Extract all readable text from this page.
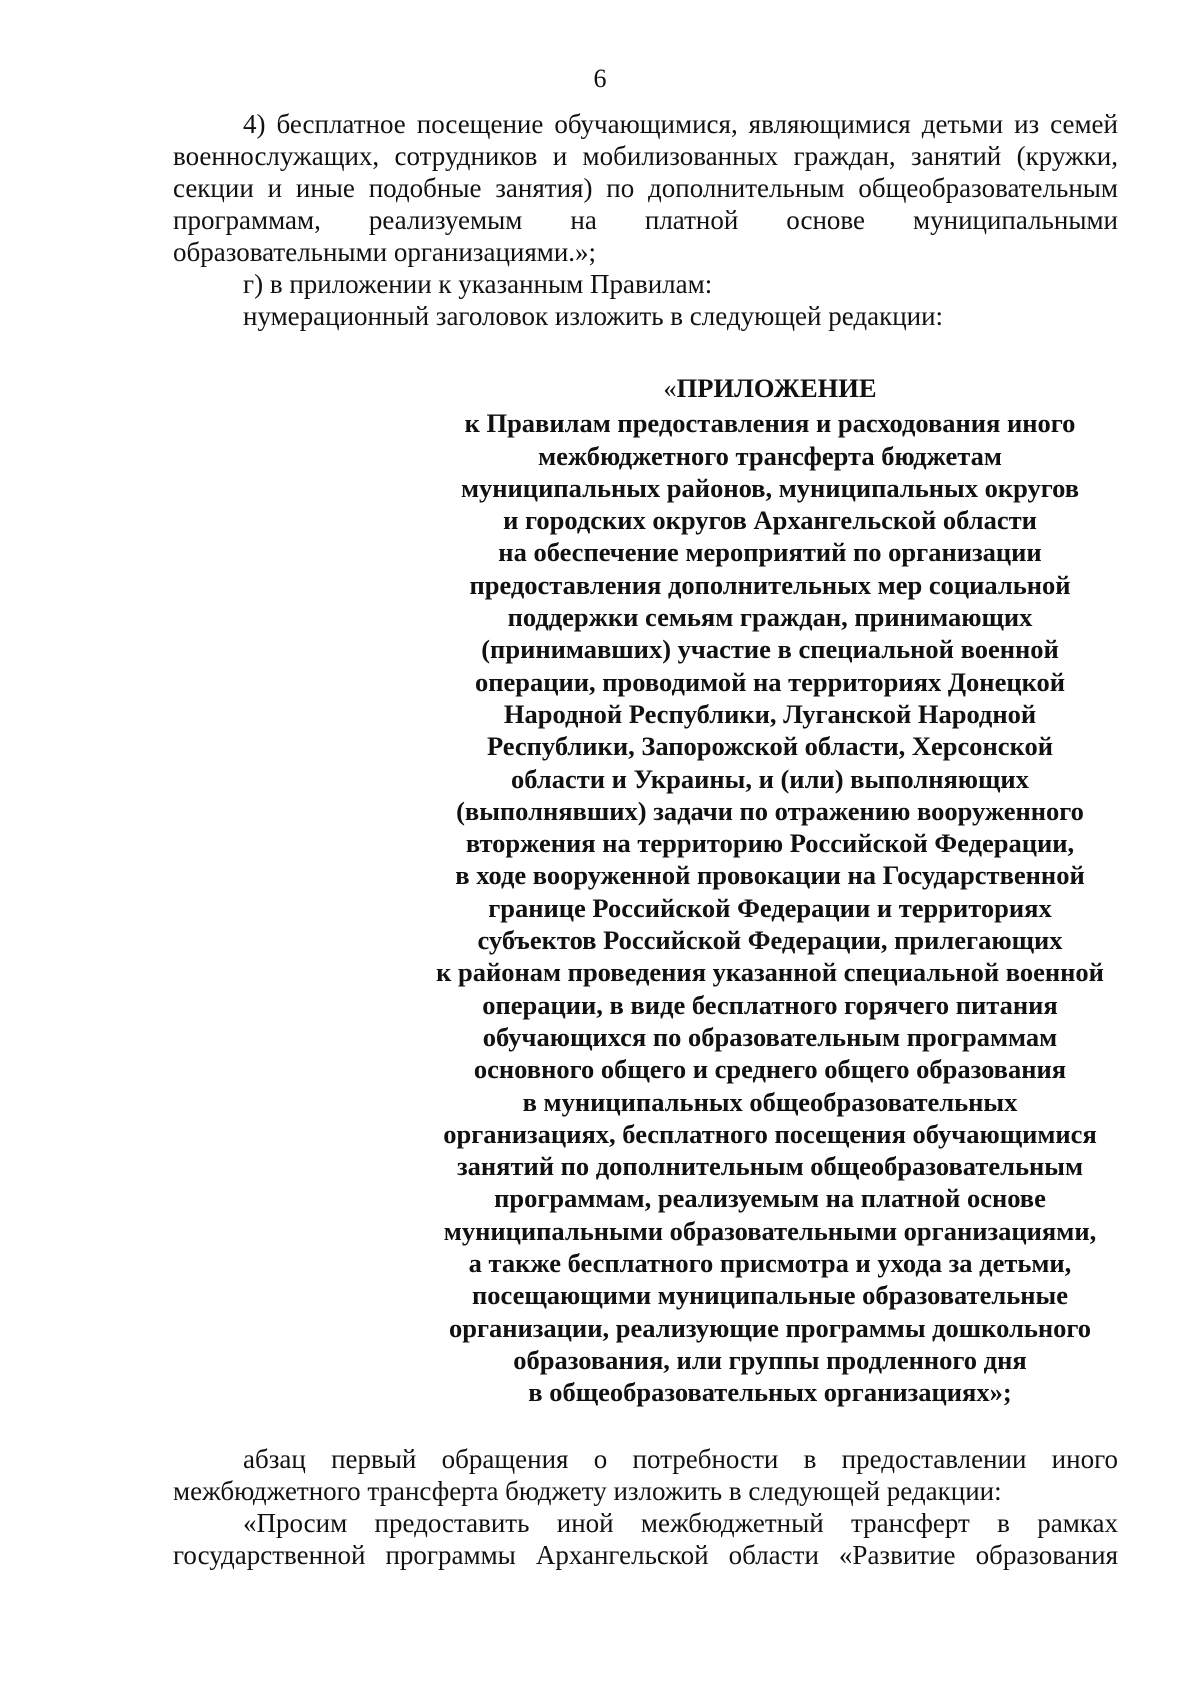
6

4) бесплатное посещение обучающимися, являющимися детьми из семей военнослужащих, сотрудников и мобилизованных граждан, занятий (кружки, секции и иные подобные занятия) по дополнительным общеобразовательным программам, реализуемым на платной основе муниципальными образовательными организациями.»;

г) в приложении к указанным Правилам:

нумерационный заголовок изложить в следующей редакции:

«ПРИЛОЖЕНИЕ
к Правилам предоставления и расходования иного
межбюджетного трансферта бюджетам
муниципальных районов, муниципальных округов
и городских округов Архангельской области
на обеспечение мероприятий по организации
предоставления дополнительных мер социальной
поддержки семьям граждан, принимающих
(принимавших) участие в специальной военной
операции, проводимой на территориях Донецкой
Народной Республики, Луганской Народной
Республики, Запорожской области, Херсонской
области и Украины, и (или) выполняющих
(выполнявших) задачи по отражению вооруженного
вторжения на территорию Российской Федерации,
в ходе вооруженной провокации на Государственной
границе Российской Федерации и территориях
субъектов Российской Федерации, прилегающих
к районам проведения указанной специальной военной
операции, в виде бесплатного горячего питания
обучающихся по образовательным программам
основного общего и среднего общего образования
в муниципальных общеобразовательных
организациях, бесплатного посещения обучающимися
занятий по дополнительным общеобразовательным
программам, реализуемым на платной основе
муниципальными образовательными организациями,
а также бесплатного присмотра и ухода за детьми,
посещающими муниципальные образовательные
организации, реализующие программы дошкольного
образования, или группы продленного дня
в общеобразовательных организациях»;

абзац первый обращения о потребности в предоставлении иного межбюджетного трансферта бюджету изложить в следующей редакции:

«Просим предоставить иной межбюджетный трансферт в рамках государственной программы Архангельской области «Развитие образования
